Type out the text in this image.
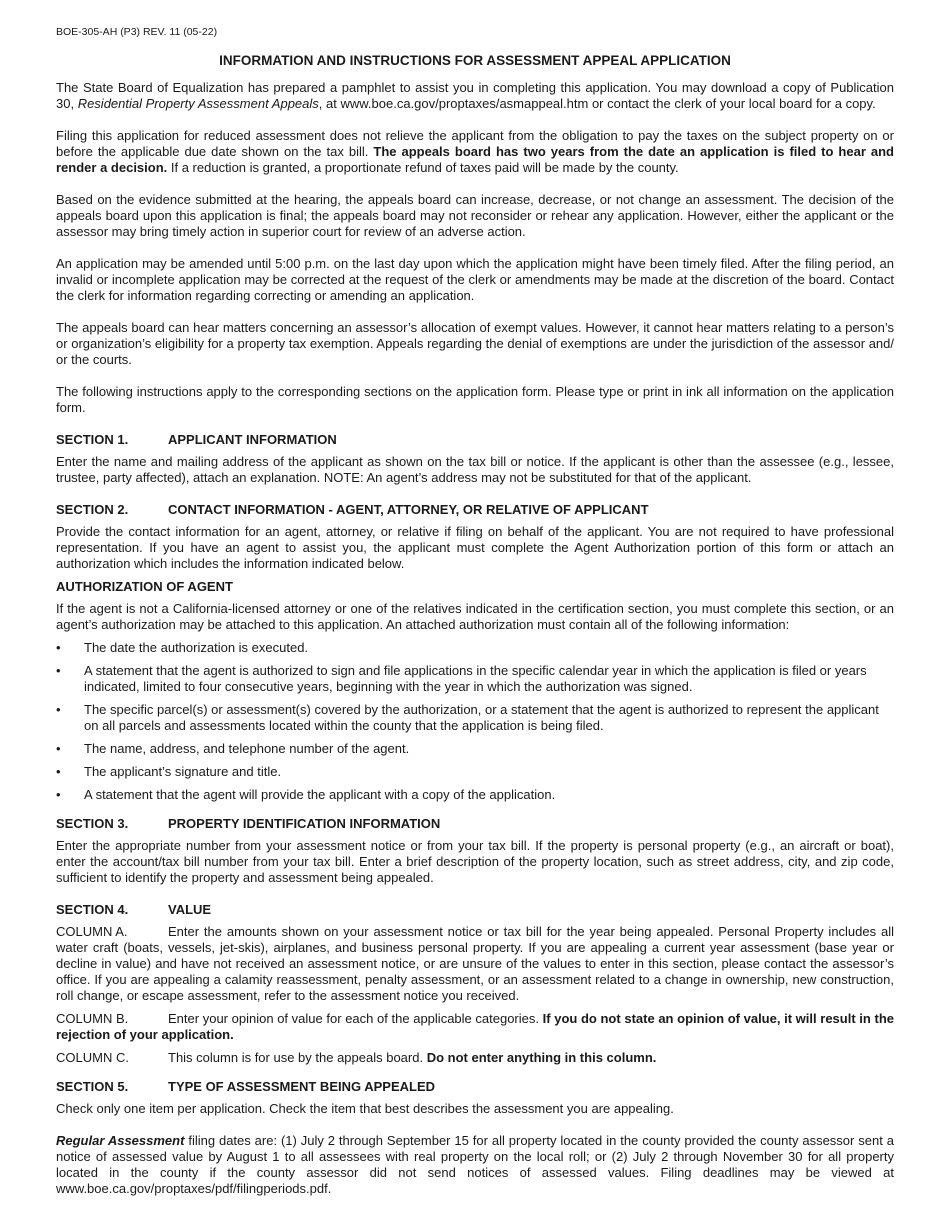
BOE-305-AH (P3) REV. 11 (05-22)
INFORMATION AND INSTRUCTIONS FOR ASSESSMENT APPEAL APPLICATION

The State Board of Equalization has prepared a pamphlet to assist you in completing this application. You may download a copy of Publication 30, Residential Property Assessment Appeals, at www.boe.ca.gov/proptaxes/asmappeal.htm or contact the clerk of your local board for a copy.

Filing this application for reduced assessment does not relieve the applicant from the obligation to pay the taxes on the subject property on or before the applicable due date shown on the tax bill. The appeals board has two years from the date an application is filed to hear and render a decision. If a reduction is granted, a proportionate refund of taxes paid will be made by the county.

Based on the evidence submitted at the hearing, the appeals board can increase, decrease, or not change an assessment. The decision of the appeals board upon this application is final; the appeals board may not reconsider or rehear any application. However, either the applicant or the assessor may bring timely action in superior court for review of an adverse action.

An application may be amended until 5:00 p.m. on the last day upon which the application might have been timely filed. After the filing period, an invalid or incomplete application may be corrected at the request of the clerk or amendments may be made at the discretion of the board. Contact the clerk for information regarding correcting or amending an application.

The appeals board can hear matters concerning an assessor’s allocation of exempt values. However, it cannot hear matters relating to a person’s or organization’s eligibility for a property tax exemption. Appeals regarding the denial of exemptions are under the jurisdiction of the assessor and/ or the courts.

The following instructions apply to the corresponding sections on the application form. Please type or print in ink all information on the application form.

SECTION 1.	APPLICANT INFORMATION

Enter the name and mailing address of the applicant as shown on the tax bill or notice. If the applicant is other than the assessee (e.g., lessee, trustee, party affected), attach an explanation. NOTE: An agent’s address may not be substituted for that of the applicant.

SECTION 2.	CONTACT INFORMATION - AGENT, ATTORNEY, OR RELATIVE OF APPLICANT

Provide the contact information for an agent, attorney, or relative if filing on behalf of the applicant. You are not required to have professional representation. If you have an agent to assist you, the applicant must complete the Agent Authorization portion of this form or attach an authorization which includes the information indicated below.

AUTHORIZATION OF AGENT

If the agent is not a California-licensed attorney or one of the relatives indicated in the certification section, you must complete this section, or an agent’s authorization may be attached to this application. An attached authorization must contain all of the following information:

•	The date the authorization is executed.
•	A statement that the agent is authorized to sign and file applications in the specific calendar year in which the application is filed or years indicated, limited to four consecutive years, beginning with the year in which the authorization was signed.
•	The specific parcel(s) or assessment(s) covered by the authorization, or a statement that the agent is authorized to represent the applicant on all parcels and assessments located within the county that the application is being filed.
•	The name, address, and telephone number of the agent.
•	The applicant’s signature and title.
•	A statement that the agent will provide the applicant with a copy of the application.
SECTION 3.	PROPERTY IDENTIFICATION INFORMATION

Enter the appropriate number from your assessment notice or from your tax bill. If the property is personal property (e.g., an aircraft or boat), enter the account/tax bill number from your tax bill. Enter a brief description of the property location, such as street address, city, and zip code, sufficient to identify the property and assessment being appealed.

SECTION 4.	VALUE

COLUMN A.	Enter the amounts shown on your assessment notice or tax bill for the year being appealed. Personal Property includes all water craft (boats, vessels, jet-skis), airplanes, and business personal property. If you are appealing a current year assessment (base year or decline in value) and have not received an assessment notice, or are unsure of the values to enter in this section, please contact the assessor’s office. If you are appealing a calamity reassessment, penalty assessment, or an assessment related to a change in ownership, new construction, roll change, or escape assessment, refer to the assessment notice you received.

COLUMN B.	Enter your opinion of value for each of the applicable categories. If you do not state an opinion of value, it will result in the rejection of your application.

COLUMN C.	This column is for use by the appeals board. Do not enter anything in this column.

SECTION 5.	TYPE OF ASSESSMENT BEING APPEALED

Check only one item per application. Check the item that best describes the assessment you are appealing.

Regular Assessment filing dates are: (1) July 2 through September 15 for all property located in the county provided the county assessor sent a notice of assessed value by August 1 to all assessees with real property on the local roll; or (2) July 2 through November 30 for all property located in the county if the county assessor did not send notices of assessed values. Filing deadlines may be viewed at www.boe.ca.gov/proptaxes/pdf/filingperiods.pdf.
